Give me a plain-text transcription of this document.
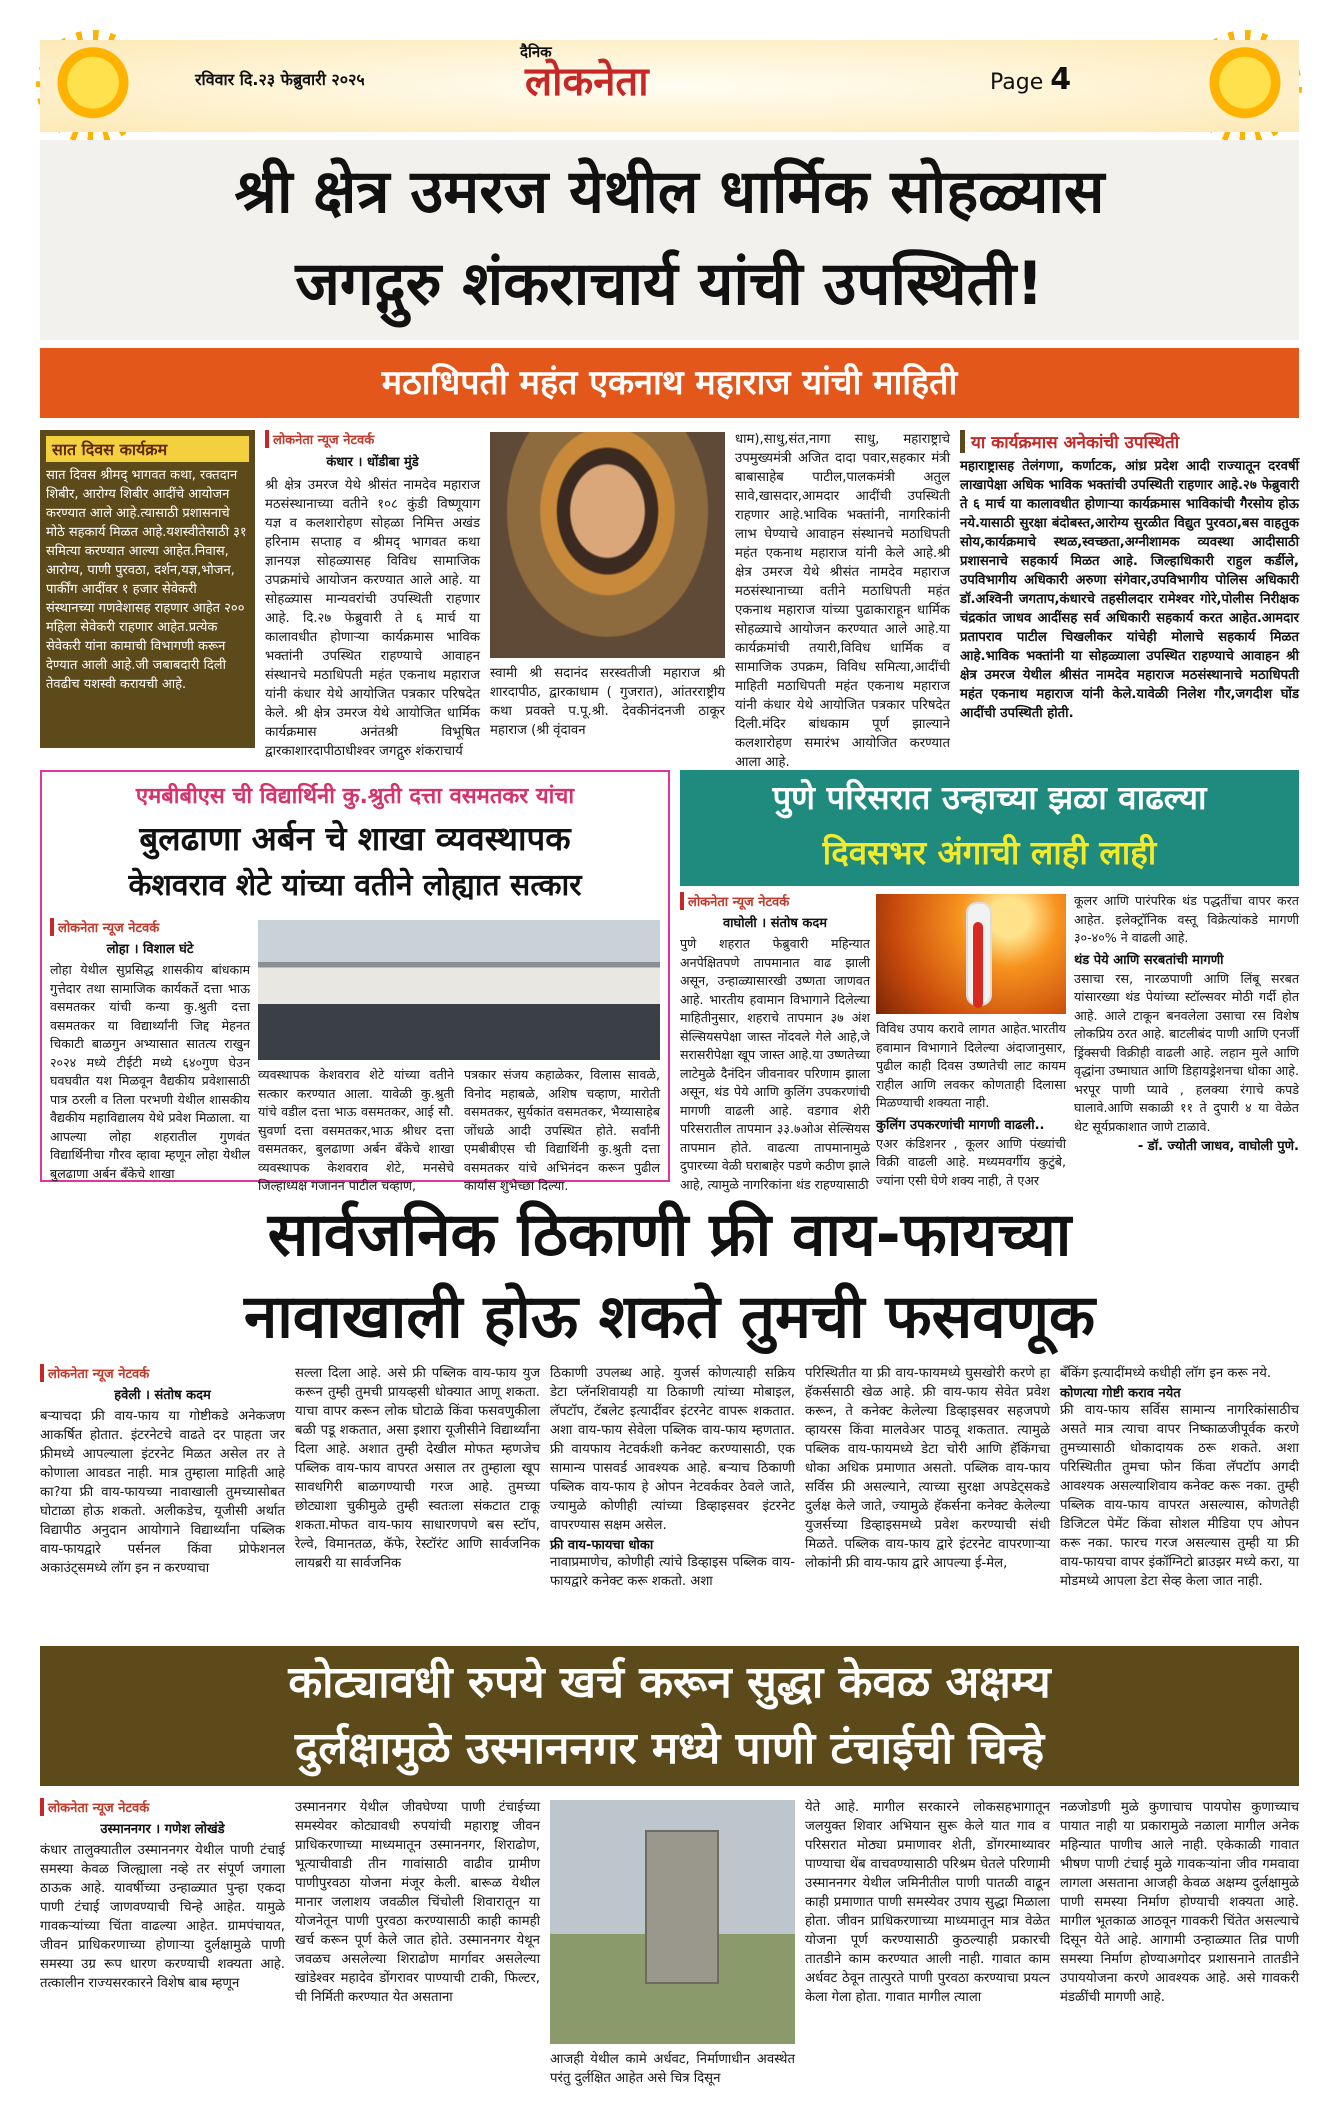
रविवार दि.२३ फेब्रुवारी २०२५
दैनिक
लोकनेता	Page 4
श्री क्षेत्र उमरज येथील धार्मिक सोहळ्यास
जगद्गुरु शंकराचार्य यांची उपस्थिती!
मठाधिपती महंत एकनाथ महाराज यांची माहिती
सात दिवस कार्यक्रम
सात दिवस श्रीमद् भागवत कथा, रक्तदान शिबीर, आरोग्य शिबीर आदींचे आयोजन करण्यात आले आहे.त्यासाठी प्रशासनाचे मोठे सहकार्य मिळत आहे.यशस्वीतेसाठी ३१ समित्या करण्यात आल्या आहेत.निवास, आरोग्य, पाणी पुरवठा, दर्शन,यज्ञ,भोजन, पार्कींग आदींवर १ हजार सेवेकरी संस्थानच्या गणवेशासह राहणार आहेत २०० महिला सेवेकरी राहणार आहेत.प्रत्येक सेवेकरी यांना कामाची विभागणी करून देण्यात आली आहे.जी जबाबदारी दिली तेवढीच यशस्वी करायची आहे.
लोकनेता न्यूज नेटवर्क
कंधार । धोंडीबा मुंडे
श्री क्षेत्र उमरज येथे श्रीसंत नामदेव महाराज मठसंस्थानाच्या वतीने १०८ कुंडी विष्णूयाग यज्ञ व कलशारोहण सोहळा निमित्त अखंड हरिनाम सप्ताह व श्रीमद् भागवत कथा ज्ञानयज्ञ सोहळ्यासह विविध सामाजिक उपक्रमांचे आयोजन करण्यात आले आहे. या सोहळ्यास मान्यवरांची उपस्थिती राहणार आहे. दि.२७ फेब्रुवारी ते ६ मार्च या कालावधीत होणाऱ्या कार्यक्रमास भाविक भक्तांनी उपस्थित राहण्याचे आवाहन संस्थानचे मठाधिपती महंत एकनाथ महाराज यांनी कंधार येथे आयोजित पत्रकार परिषदेत केले. श्री क्षेत्र उमरज येथे आयोजित धार्मिक कार्यक्रमास अनंतश्री विभूषित द्वारकाशारदापीठाधीश्वर जगद्गुरु शंकराचार्य
स्वामी श्री सदानंद सरस्वतीजी महाराज श्री शारदापीठ, द्वारकाधाम ( गुजरात), आंतरराष्ट्रीय कथा प्रवक्ते प.पू.श्री. देवकीनंदनजी ठाकूर महाराज (श्री वृंदावन
धाम),साधु,संत,नागा साधु, महाराष्ट्राचे उपमुख्यमंत्री अजित दादा पवार,सहकार मंत्री बाबासाहेब पाटील,पालकमंत्री अतुल सावे,खासदार,आमदार आदींची उपस्थिती राहणार आहे.भाविक भक्तांनी, नागरिकांनी लाभ घेण्याचे आवाहन संस्थानचे मठाधिपती महंत एकनाथ महाराज यांनी केले आहे.श्री क्षेत्र उमरज येथे श्रीसंत नामदेव महाराज मठसंस्थानाच्या वतीने मठाधिपती महंत एकनाथ महाराज यांच्या पुढाकाराहून धार्मिक सोहळ्याचे आयोजन करण्यात आले आहे.या कार्यक्रमांची तयारी,विविध धार्मिक व सामाजिक उपक्रम, विविध समित्या,आदींची माहिती मठाधिपती महंत एकनाथ महाराज यांनी कंधार येथे आयोजित पत्रकार परिषदेत दिली.मंदिर बांधकाम पूर्ण झाल्याने कलशारोहण समारंभ आयोजित करण्यात आला आहे.
या कार्यक्रमास अनेकांची उपस्थिती
महाराष्ट्रासह तेलंगणा, कर्णाटक, आंध्र प्रदेश आदी राज्यातून दरवर्षी लाखापेक्षा अधिक भाविक भक्तांची उपस्थिती राहणार आहे.२७ फेब्रुवारी ते ६ मार्च या कालावधीत होणाऱ्या कार्यक्रमास भाविकांची गैरसोय होऊ नये.यासाठी सुरक्षा बंदोबस्त,आरोग्य सुरळीत विद्युत पुरवठा,बस वाहतुक सोय,कार्यक्रमाचे स्थळ,स्वच्छता,अग्नीशामक व्यवस्था आदीसाठी प्रशासनाचे सहकार्य मिळत आहे. जिल्हाधिकारी राहुल कर्डीले, उपविभागीय अधिकारी अरुणा संगेवार,उपविभागीय पोलिस अधिकारी डॉ.अश्विनी जगताप,कंधारचे तहसीलदार रामेश्वर गोरे,पोलीस निरीक्षक चंद्रकांत जाधव आदींसह सर्व अधिकारी सहकार्य करत आहेत.आमदार प्रतापराव पाटील चिखलीकर यांचेही मोलाचे सहकार्य मिळत आहे.भाविक भक्तांनी या सोहळ्याला उपस्थित राहण्याचे आवाहन श्री क्षेत्र उमरज येथील श्रीसंत नामदेव महाराज मठसंस्थानाचे मठाधिपती महंत एकनाथ महाराज यांनी केले.यावेळी निलेश गौर,जगदीश घोंड आदींची उपस्थिती होती.
एमबीबीएस ची विद्यार्थिनी कु.श्रुती दत्ता वसमतकर यांचा
बुलढाणा अर्बन चे शाखा व्यवस्थापक
केशवराव शेटे यांच्या वतीने लोह्यात सत्कार
लोकनेता न्यूज नेटवर्क
लोहा । विशाल घंटे
लोहा येथील सुप्रसिद्ध शासकीय बांधकाम गुत्तेदार तथा सामाजिक कार्यकर्ते दत्ता भाऊ वसमतकर यांची कन्या कु.श्रुती दत्ता वसमतकर या विद्यार्थ्यांनी जिद्द मेहनत चिकाटी बाळगुन अभ्यासात सातत्य राखुन २०२४ मध्ये टीईटी मध्ये ६४०गुण घेउन घवघवीत यश मिळवून वैद्यकीय प्रवेशासाठी पात्र ठरली व तिला परभणी येथील शासकीय वैद्यकीय महाविद्यालय येथे प्रवेश मिळाला. या आपल्या लोहा शहरातील गुणवंत विद्यार्थिनीचा गौरव व्हावा म्हणून लोहा येथील बुलढाणा अर्बन बँकेचे शाखा
व्यवस्थापक केशवराव शेटे यांच्या वतीने सत्कार करण्यात आला. यावेळी कु.श्रुती यांचे वडील दत्ता भाऊ वसमतकर, आई सौ. सुवर्णा दत्ता वसमतकर,भाऊ श्रीधर दत्ता वसमतकर, बुलढाणा अर्बन बँकेचे शाखा व्यवस्थापक केशवराव शेटे, मनसेचे जिल्हाध्यक्ष गजानन पाटील चव्हाण,
पत्रकार संजय कहाळेकर, विलास सावळे, विनोद महाबळे, अशिष चव्हाण, मारोती वसमतकर, सुर्यकांत वसमतकर, भैय्यासाहेब जोंधळे आदी उपस्थित होते. सर्वांनी एमबीबीएस ची विद्यार्थिनी कु.श्रुती दत्ता वसमतकर यांचे अभिनंदन करून पुढील कार्यास शुभेच्छा दिल्या.
पुणे परिसरात उन्हाच्या झळा वाढल्या
दिवसभर अंगाची लाही लाही
लोकनेता न्यूज नेटवर्क
वाघोली । संतोष कदम
पुणे शहरात फेब्रुवारी महिन्यात अनपेक्षितपणे तापमानात वाढ झाली असून, उन्हाळ्यासारखी उष्णता जाणवत आहे. भारतीय हवामान विभागाने दिलेल्या माहितीनुसार, शहराचे तापमान ३७ अंश सेल्सियसपेक्षा जास्त नोंदवले गेले आहे,जे सरासरीपेक्षा खूप जास्त आहे.या उष्णतेच्या लाटेमुळे दैनंदिन जीवनावर परिणाम झाला असून, थंड पेये आणि कुलिंग उपकरणांची मागणी वाढली आहे. वडगाव शेरी परिसरातील तापमान ३३.७ओअ सेल्सियस तापमान होते. वाढत्या तापमानामुळे दुपारच्या वेळी घराबाहेर पडणे कठीण झाले आहे, त्यामुळे नागरिकांना थंड राहण्यासाठी
विविध उपाय करावे लागत आहेत.भारतीय हवामान विभागाने दिलेल्या अंदाजानुसार, पुढील काही दिवस उष्णतेची लाट कायम राहील आणि लवकर कोणताही दिलासा मिळण्याची शक्यता नाही.
कुलिंग उपकरणांची मागणी वाढली..
एअर कंडिशनर , कूलर आणि पंख्यांची विक्री वाढली आहे. मध्यमवर्गीय कुटुंबे, ज्यांना एसी घेणे शक्य नाही, ते एअर
कूलर आणि पारंपरिक थंड पद्धतींचा वापर करत आहेत. इलेक्ट्रॉनिक वस्तू विक्रेत्यांकडे मागणी ३०-४०% ने वाढली आहे.
थंड पेये आणि सरबतांची मागणी
उसाचा रस, नारळपाणी आणि लिंबू सरबत यांसारख्या थंड पेयांच्या स्टॉल्सवर मोठी गर्दी होत आहे. आले टाकून बनवलेला उसाचा रस विशेष लोकप्रिय ठरत आहे. बाटलीबंद पाणी आणि एनर्जी ड्रिंक्सची विक्रीही वाढली आहे. लहान मुले आणि वृद्धांना उष्माघात आणि डिहायड्रेशनचा धोका आहे. भरपूर पाणी प्यावे , हलक्या रंगाचे कपडे घालावे.आणि सकाळी ११ ते दुपारी ४ या वेळेत थेट सूर्यप्रकाशात जाणे टाळावे.
- डॉ. ज्योती जाधव, वाघोली पुणे.
सार्वजनिक ठिकाणी फ्री वाय-फायच्या
नावाखाली होऊ शकते तुमची फसवणूक
लोकनेता न्यूज नेटवर्क
हवेली । संतोष कदम
बऱ्याचदा फ्री वाय-फाय या गोष्टीकडे अनेकजण आकर्षित होतात. इंटरनेटचे वाढते दर पाहता जर फ्रीमध्ये आपल्याला इंटरनेट मिळत असेल तर ते कोणाला आवडत नाही. मात्र तुम्हाला माहिती आहे का?या फ्री वाय-फायच्या नावाखाली तुमच्यासोबत घोटाळा होऊ शकतो. अलीकडेच, यूजीसी अर्थात विद्यापीठ अनुदान आयोगाने विद्यार्थ्यांना पब्लिक वाय-फायद्वारे पर्सनल किंवा प्रोफेशनल अकाउंट्समध्ये लॉग इन न करण्याचा
सल्ला दिला आहे. असे फ्री पब्लिक वाय-फाय युज करून तुम्ही तुमची प्रायव्हसी धोक्यात आणू शकता. याचा वापर करून लोक घोटाळे किंवा फसवणुकीला बळी पडू शकतात, असा इशारा यूजीसीने विद्यार्थ्यांना दिला आहे. अशात तुम्ही देखील मोफत म्हणजेच पब्लिक वाय-फाय वापरत असाल तर तुम्हाला खूप सावधगिरी बाळगण्याची गरज आहे. तुमच्या छोट्याशा चुकीमुळे तुम्ही स्वतःला संकटात टाकू शकता.मोफत वाय-फाय साधारणपणे बस स्टॉप, रेल्वे, विमानतळ, कॅफे, रेस्टॉरंट आणि सार्वजनिक लायब्ररी या सार्वजनिक
ठिकाणी उपलब्ध आहे. युजर्स कोणत्याही सक्रिय डेटा प्लॅनशिवायही या ठिकाणी त्यांच्या मोबाइल, लॅपटॉप, टॅबलेट इत्यादींवर इंटरनेट वापरू शकतात. अशा वाय-फाय सेवेला पब्लिक वाय-फाय म्हणतात. फ्री वायफाय नेटवर्कशी कनेक्ट करण्यासाठी, एक सामान्य पासवर्ड आवश्यक आहे. बऱ्याच ठिकाणी पब्लिक वाय-फाय हे ओपन नेटवर्कवर ठेवले जाते, ज्यामुळे कोणीही त्यांच्या डिव्हाइसवर इंटरनेट वापरण्यास सक्षम असेल.
फ्री वाय-फायचा धोका
नावाप्रमाणेच, कोणीही त्यांचे डिव्हाइस पब्लिक वाय-फायद्वारे कनेक्ट करू शकतो. अशा
परिस्थितीत या फ्री वाय-फायमध्ये घुसखोरी करणे हा हॅकर्ससाठी खेळ आहे. फ्री वाय-फाय सेवेत प्रवेश करून, ते कनेक्ट केलेल्या डिव्हाइसवर सहजपणे व्हायरस किंवा मालवेअर पाठवू शकतात. त्यामुळे पब्लिक वाय-फायमध्ये डेटा चोरी आणि हॅकिंगचा धोका अधिक प्रमाणात असतो. पब्लिक वाय-फाय सर्विस फ्री असल्याने, त्याच्या सुरक्षा अपडेट्सकडे दुर्लक्ष केले जाते, ज्यामुळे हॅकर्सना कनेक्ट केलेल्या युजर्सच्या डिव्हाइसमध्ये प्रवेश करण्याची संधी मिळते. पब्लिक वाय-फाय द्वारे इंटरनेट वापरणाऱ्या लोकांनी फ्री वाय-फाय द्वारे आपल्या ई-मेल,
बँकिंग इत्यादींमध्ये कधीही लॉग इन करू नये.
कोणत्या गोष्टी कराव नयेत
फ्री वाय-फाय सर्विस सामान्य नागरिकांसाठीच असते मात्र त्याचा वापर निष्काळजीपूर्वक करणे तुमच्यासाठी धोकादायक ठरू शकते. अशा परिस्थितीत तुमचा फोन किंवा लॅपटॉप अगदी आवश्यक असल्याशिवाय कनेक्ट करू नका. तुम्ही पब्लिक वाय-फाय वापरत असल्यास, कोणतेही डिजिटल पेमेंट किंवा सोशल मीडिया एप ओपन करू नका. फारच गरज असल्यास तुम्ही या फ्री वाय-फायचा वापर इंकॉग्निटो ब्राउझर मध्ये करा, या मोडमध्ये आपला डेटा सेव्ह केला जात नाही.
कोट्यावधी रुपये खर्च करून सुद्धा केवळ अक्षम्य
दुर्लक्षामुळे उस्माननगर मध्ये पाणी टंचाईची चिन्हे
लोकनेता न्यूज नेटवर्क
उस्माननगर । गणेश लोखंडे
कंधार तालुक्यातील उस्माननगर येथील पाणी टंचाई समस्या केवळ जिल्ह्याला नव्हे तर संपूर्ण जगाला ठाऊक आहे. यावर्षीच्या उन्हाळ्यात पुन्हा एकदा पाणी टंचाई जाणवण्याची चिन्हे आहेत. यामुळे गावकऱ्यांच्या चिंता वाढल्या आहेत. ग्रामपंचायत, जीवन प्राधिकरणाच्या होणाऱ्या दुर्लक्षामुळे पाणी समस्या उग्र रूप धारण करण्याची शक्यता आहे. तत्कालीन राज्यसरकारने विशेष बाब म्हणून
उस्माननगर येथील जीवघेण्या पाणी टंचाईच्या समस्येवर कोट्यावधी रुपयांची महाराष्ट्र जीवन प्राधिकरणाच्या माध्यमातून उस्माननगर, शिराढोण, भूत्याचीवाडी तीन गावांसाठी वाढीव ग्रामीण पाणीपुरवठा योजना मंजूर केली. बारूळ येथील मानार जलाशय जवळील चिंचोली शिवारातून या योजनेतून पाणी पुरवठा करण्यासाठी काही कामही खर्च करून पूर्ण केले जात होते. उस्माननगर येथून जवळच असलेल्या शिराढोण मार्गावर असलेल्या खांडेश्वर महादेव डोंगरावर पाण्याची टाकी, फिल्टर, ची निर्मिती करण्यात येत असताना
आजही येथील कामे अर्धवट, निर्माणाधीन अवस्थेत परंतु दुर्लक्षित आहेत असे चित्र दिसून
येते आहे. मागील सरकारने लोकसहभागातून जलयुक्त शिवार अभियान सुरू केले यात गाव व परिसरात मोठ्या प्रमाणावर शेती, डोंगरमाथ्यावर पाण्याचा थेंब वाचवण्यासाठी परिश्रम घेतले परिणामी उस्माननगर येथील जमिनीतील पाणी पातळी वाढून काही प्रमाणात पाणी समस्येवर उपाय सुद्धा मिळाला होता. जीवन प्राधिकरणाच्या माध्यमातून मात्र वेळेत योजना पूर्ण करण्यासाठी कुठल्याही प्रकारची तातडीने काम करण्यात आली नाही. गावात काम अर्धवट ठेवून तात्पुरते पाणी पुरवठा करण्याचा प्रयत्न केला गेला होता. गावात मागील त्याला
नळजोडणी मुळे कुणाचाच पायपोस कुणाच्याच पायात नाही या प्रकारामुळे नळाला मागील अनेक महिन्यात पाणीच आले नाही. एकेकाळी गावात भीषण पाणी टंचाई मुळे गावकऱ्यांना जीव गमवावा लागला असताना आजही केवळ अक्षम्य दुर्लक्षामुळे पाणी समस्या निर्माण होण्याची शक्यता आहे. मागील भूतकाळ आठवून गावकरी चिंतेत असल्याचे दिसून येते आहे. आगामी उन्हाळ्यात तिव्र पाणी समस्या निर्माण होण्याअगोदर प्रशासनाने तातडीने उपाययोजना करणे आवश्यक आहे. असे गावकरी मंडळींची मागणी आहे.
